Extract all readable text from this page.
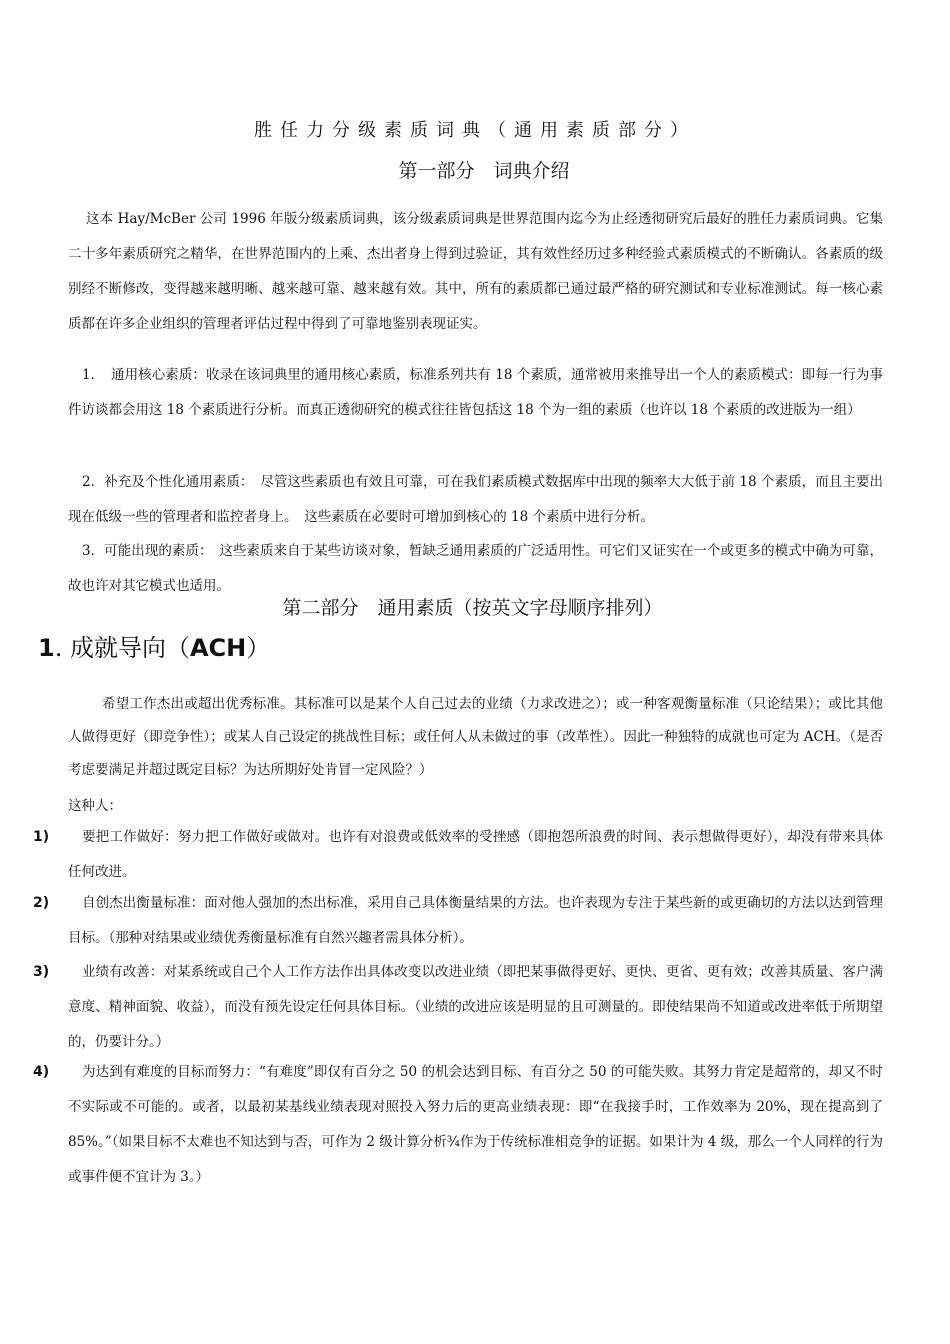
胜任力分级素质词典（通用素质部分）
第一部分　词典介绍

这本 Hay/McBer 公司 1996 年版分级素质词典，该分级素质词典是世界范围内迄今为止经透彻研究后最好的胜任力素质词典。它集二十多年素质研究之精华，在世界范围内的上乘、杰出者身上得到过验证，其有效性经历过多种经验式素质模式的不断确认。各素质的级别经不断修改，变得越来越明晰、越来越可靠、越来越有效。其中，所有的素质都已通过最严格的研究测试和专业标准测试。每一核心素质都在许多企业组织的管理者评估过程中得到了可靠地鉴别表现证实。

1．　通用核心素质：收录在该词典里的通用核心素质，标准系列共有 18 个素质，通常被用来推导出一个人的素质模式：即每一行为事件访谈都会用这 18 个素质进行分析。而真正透彻研究的模式往往皆包括这 18 个为一组的素质（也许以 18 个素质的改进版为一组）

2．补充及个性化通用素质：　尽管这些素质也有效且可靠，可在我们素质模式数据库中出现的频率大大低于前 18 个素质，而且主要出现在低级一些的管理者和监控者身上。　这些素质在必要时可增加到核心的 18 个素质中进行分析。

3．可能出现的素质：　这些素质来自于某些访谈对象，暂缺乏通用素质的广泛适用性。可它们又证实在一个或更多的模式中确为可靠，故也许对其它模式也适用。

第二部分　通用素质（按英文字母顺序排列）
1. 成就导向（ACH）

希望工作杰出或超出优秀标准。其标准可以是某个人自己过去的业绩（力求改进之）；或一种客观衡量标准（只论结果）；或比其他人做得更好（即竞争性）；或某人自己设定的挑战性目标；或任何人从未做过的事（改革性）。因此一种独特的成就也可定为 ACH。（是否考虑要满足并超过既定目标？为达所期好处肯冒一定风险？）

这种人：

1)	要把工作做好：努力把工作做好或做对。也许有对浪费或低效率的受挫感（即抱怨所浪费的时间、表示想做得更好），却没有带来具体任何改进。

2)	自创杰出衡量标准：面对他人强加的杰出标准，采用自己具体衡量结果的方法。也许表现为专注于某些新的或更确切的方法以达到管理目标。（那种对结果或业绩优秀衡量标准有自然兴趣者需具体分析）。

3)	业绩有改善：对某系统或自己个人工作方法作出具体改变以改进业绩（即把某事做得更好、更快、更省、更有效；改善其质量、客户满意度、精神面貌、收益），而没有预先设定任何具体目标。（业绩的改进应该是明显的且可测量的。即使结果尚不知道或改进率低于所期望的，仍要计分。）

4)	为达到有难度的目标而努力：“有难度”即仅有百分之 50 的机会达到目标、有百分之 50 的可能失败。其努力肯定是超常的，却又不时不实际或不可能的。或者，以最初某基线业绩表现对照投入努力后的更高业绩表现：即“在我接手时，工作效率为 20%，现在提高到了　85%。”（如果目标不太难也不知达到与否，可作为 2 级计算分析¾作为于传统标准相竞争的证据。如果计为 4 级，那么一个人同样的行为或事件便不宜计为 3。）
